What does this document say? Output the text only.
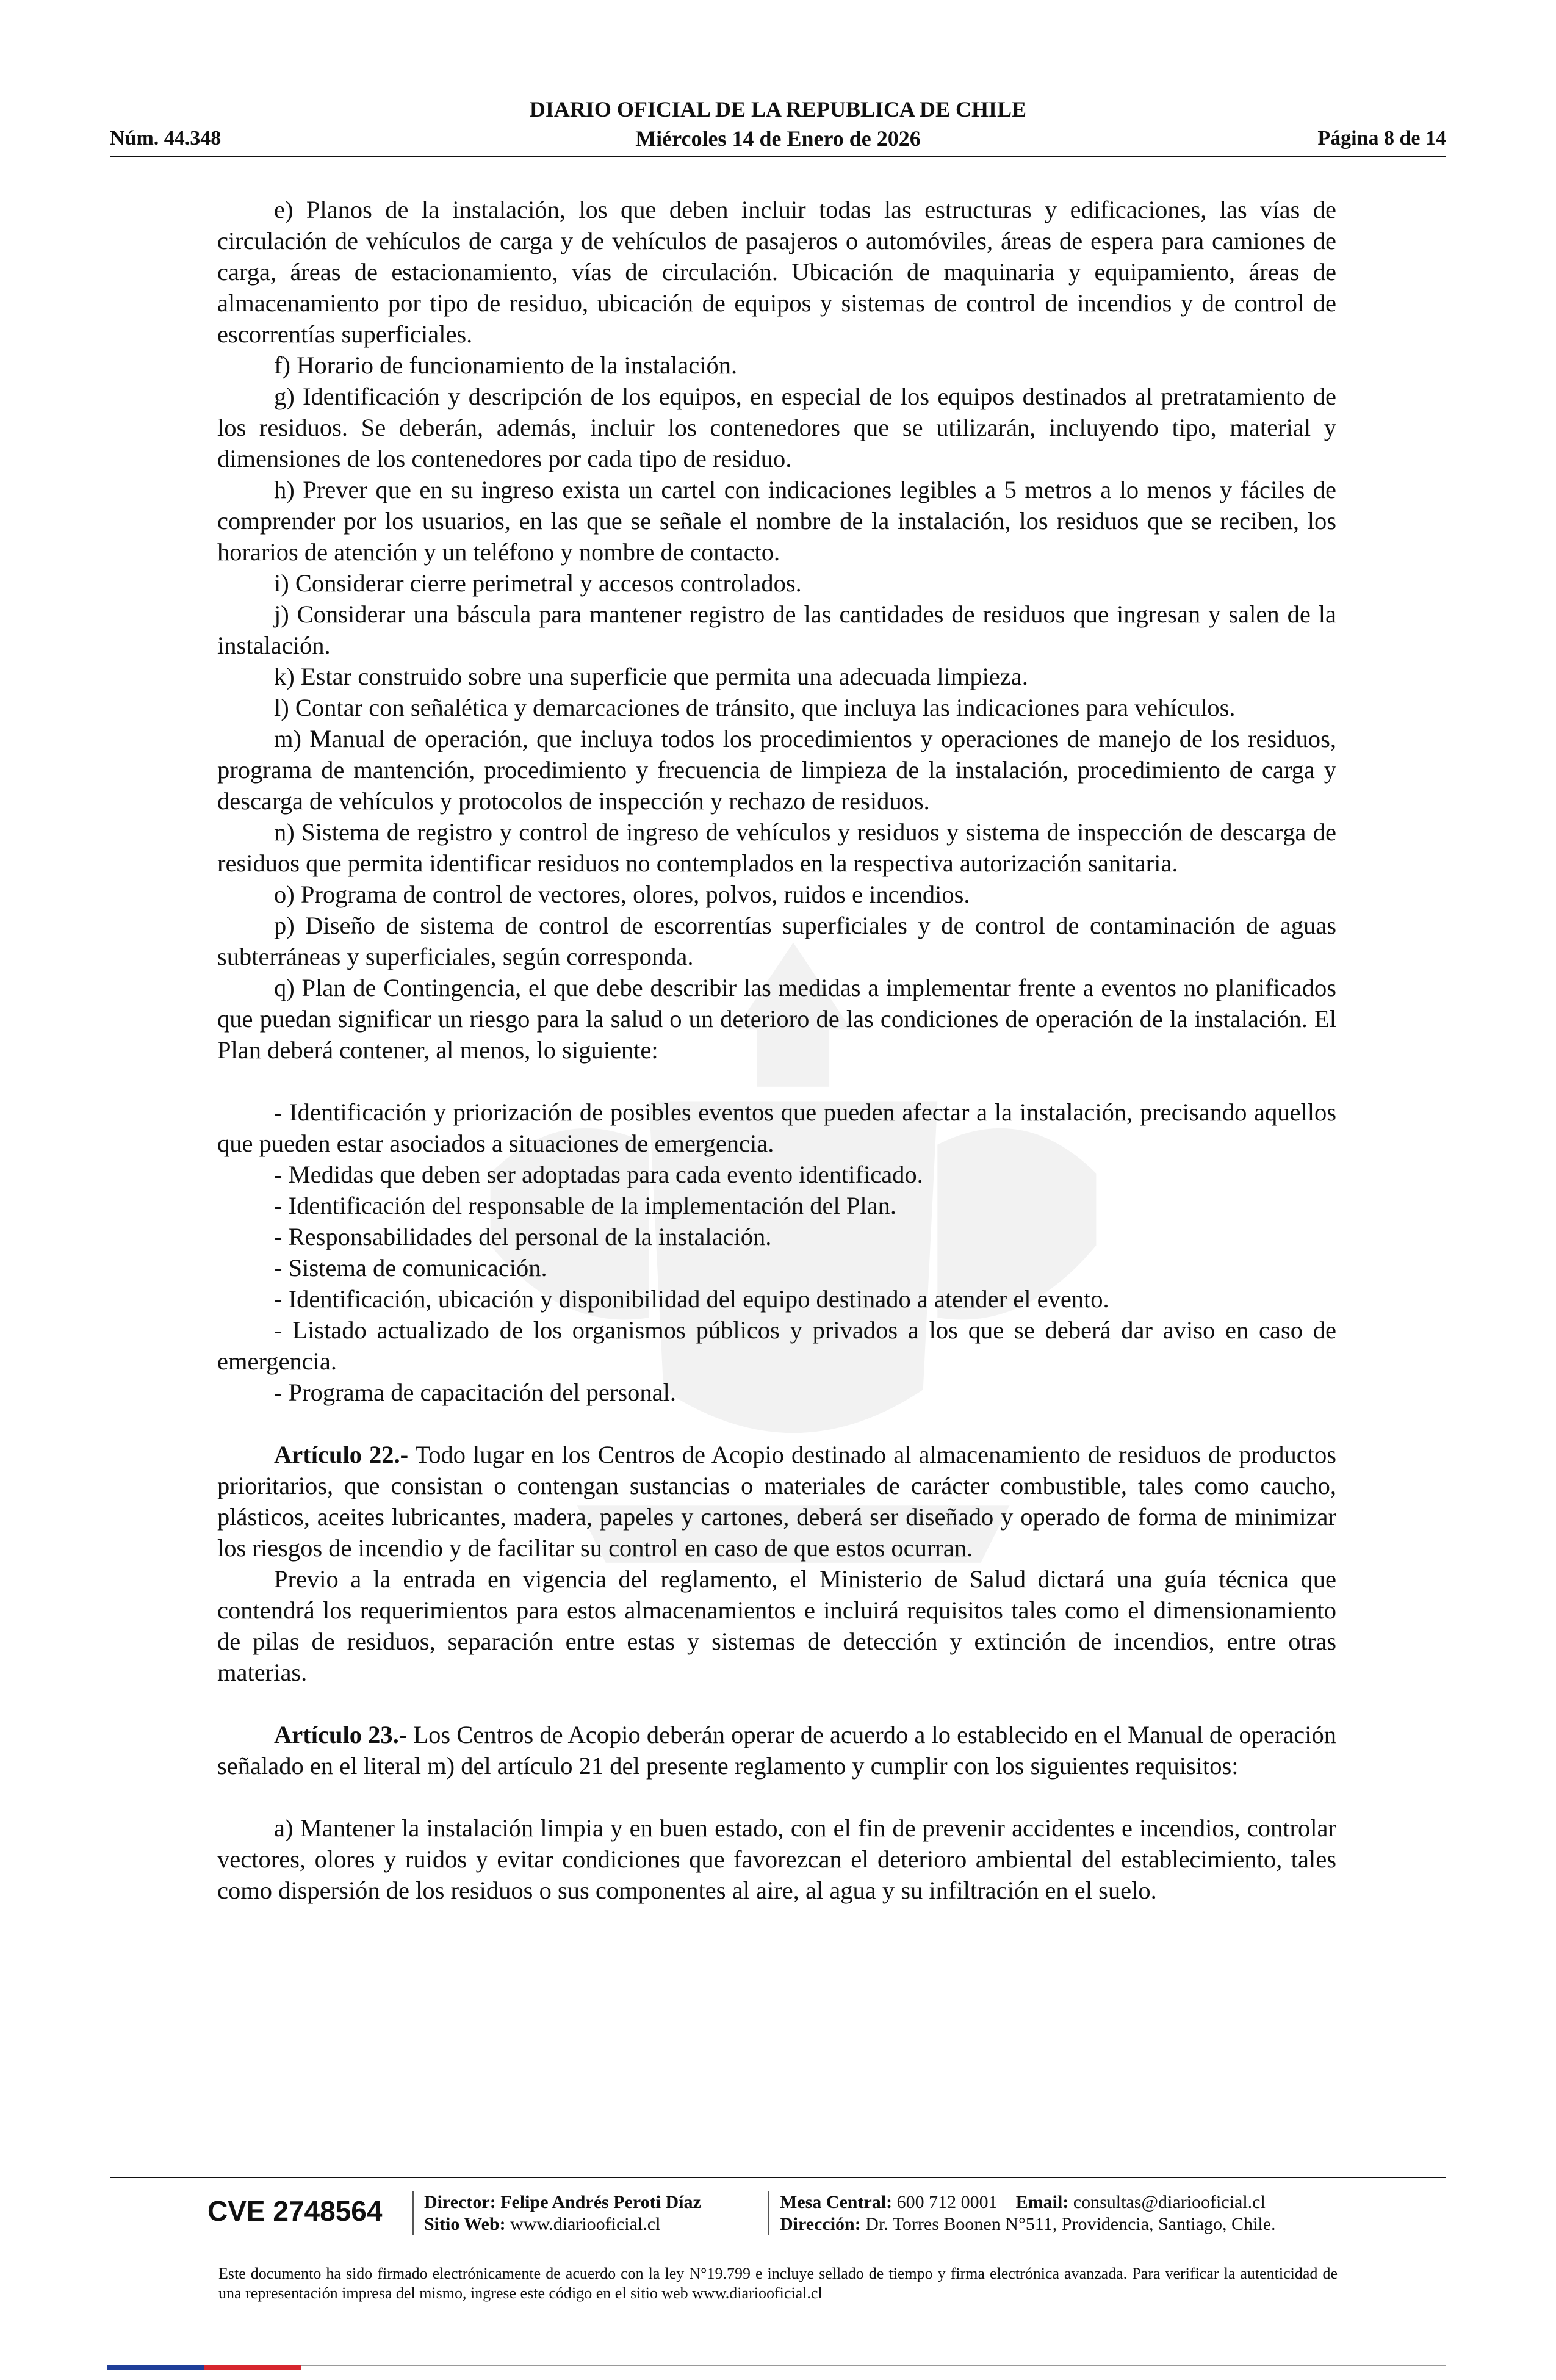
DIARIO OFICIAL DE LA REPUBLICA DE CHILE
Miércoles 14 de Enero de 2026
Núm. 44.348	Página 8 de 14

e) Planos de la instalación, los que deben incluir todas las estructuras y edificaciones, las vías de circulación de vehículos de carga y de vehículos de pasajeros o automóviles, áreas de espera para camiones de carga, áreas de estacionamiento, vías de circulación. Ubicación de maquinaria y equipamiento, áreas de almacenamiento por tipo de residuo, ubicación de equipos y sistemas de control de incendios y de control de escorrentías superficiales.

f) Horario de funcionamiento de la instalación.

g) Identificación y descripción de los equipos, en especial de los equipos destinados al pretratamiento de los residuos. Se deberán, además, incluir los contenedores que se utilizarán, incluyendo tipo, material y dimensiones de los contenedores por cada tipo de residuo.

h) Prever que en su ingreso exista un cartel con indicaciones legibles a 5 metros a lo menos y fáciles de comprender por los usuarios, en las que se señale el nombre de la instalación, los residuos que se reciben, los horarios de atención y un teléfono y nombre de contacto.

i) Considerar cierre perimetral y accesos controlados.

j) Considerar una báscula para mantener registro de las cantidades de residuos que ingresan y salen de la instalación.

k) Estar construido sobre una superficie que permita una adecuada limpieza.

l) Contar con señalética y demarcaciones de tránsito, que incluya las indicaciones para vehículos.

m) Manual de operación, que incluya todos los procedimientos y operaciones de manejo de los residuos, programa de mantención, procedimiento y frecuencia de limpieza de la instalación, procedimiento de carga y descarga de vehículos y protocolos de inspección y rechazo de residuos.

n) Sistema de registro y control de ingreso de vehículos y residuos y sistema de inspección de descarga de residuos que permita identificar residuos no contemplados en la respectiva autorización sanitaria.

o) Programa de control de vectores, olores, polvos, ruidos e incendios.

p) Diseño de sistema de control de escorrentías superficiales y de control de contaminación de aguas subterráneas y superficiales, según corresponda.

q) Plan de Contingencia, el que debe describir las medidas a implementar frente a eventos no planificados que puedan significar un riesgo para la salud o un deterioro de las condiciones de operación de la instalación. El Plan deberá contener, al menos, lo siguiente:

- Identificación y priorización de posibles eventos que pueden afectar a la instalación, precisando aquellos que pueden estar asociados a situaciones de emergencia.

- Medidas que deben ser adoptadas para cada evento identificado.

- Identificación del responsable de la implementación del Plan.

- Responsabilidades del personal de la instalación.

- Sistema de comunicación.

- Identificación, ubicación y disponibilidad del equipo destinado a atender el evento.

- Listado actualizado de los organismos públicos y privados a los que se deberá dar aviso en caso de emergencia.

- Programa de capacitación del personal.

Artículo 22.- Todo lugar en los Centros de Acopio destinado al almacenamiento de residuos de productos prioritarios, que consistan o contengan sustancias o materiales de carácter combustible, tales como caucho, plásticos, aceites lubricantes, madera, papeles y cartones, deberá ser diseñado y operado de forma de minimizar los riesgos de incendio y de facilitar su control en caso de que estos ocurran.

Previo a la entrada en vigencia del reglamento, el Ministerio de Salud dictará una guía técnica que contendrá los requerimientos para estos almacenamientos e incluirá requisitos tales como el dimensionamiento de pilas de residuos, separación entre estas y sistemas de detección y extinción de incendios, entre otras materias.

Artículo 23.- Los Centros de Acopio deberán operar de acuerdo a lo establecido en el Manual de operación señalado en el literal m) del artículo 21 del presente reglamento y cumplir con los siguientes requisitos:

a) Mantener la instalación limpia y en buen estado, con el fin de prevenir accidentes e incendios, controlar vectores, olores y ruidos y evitar condiciones que favorezcan el deterioro ambiental del establecimiento, tales como dispersión de los residuos o sus componentes al aire, al agua y su infiltración en el suelo.

CVE 2748564 Director: Felipe Andrés Peroti Díaz
Sitio Web: www.diariooficial.cl
Mesa Central: 600 712 0001 Email: consultas@diariooficial.cl
Dirección: Dr. Torres Boonen N°511, Providencia, Santiago, Chile.
Este documento ha sido firmado electrónicamente de acuerdo con la ley N°19.799 e incluye sellado de tiempo y firma electrónica avanzada. Para verificar la autenticidad de una representación impresa del mismo, ingrese este código en el sitio web www.diariooficial.cl
